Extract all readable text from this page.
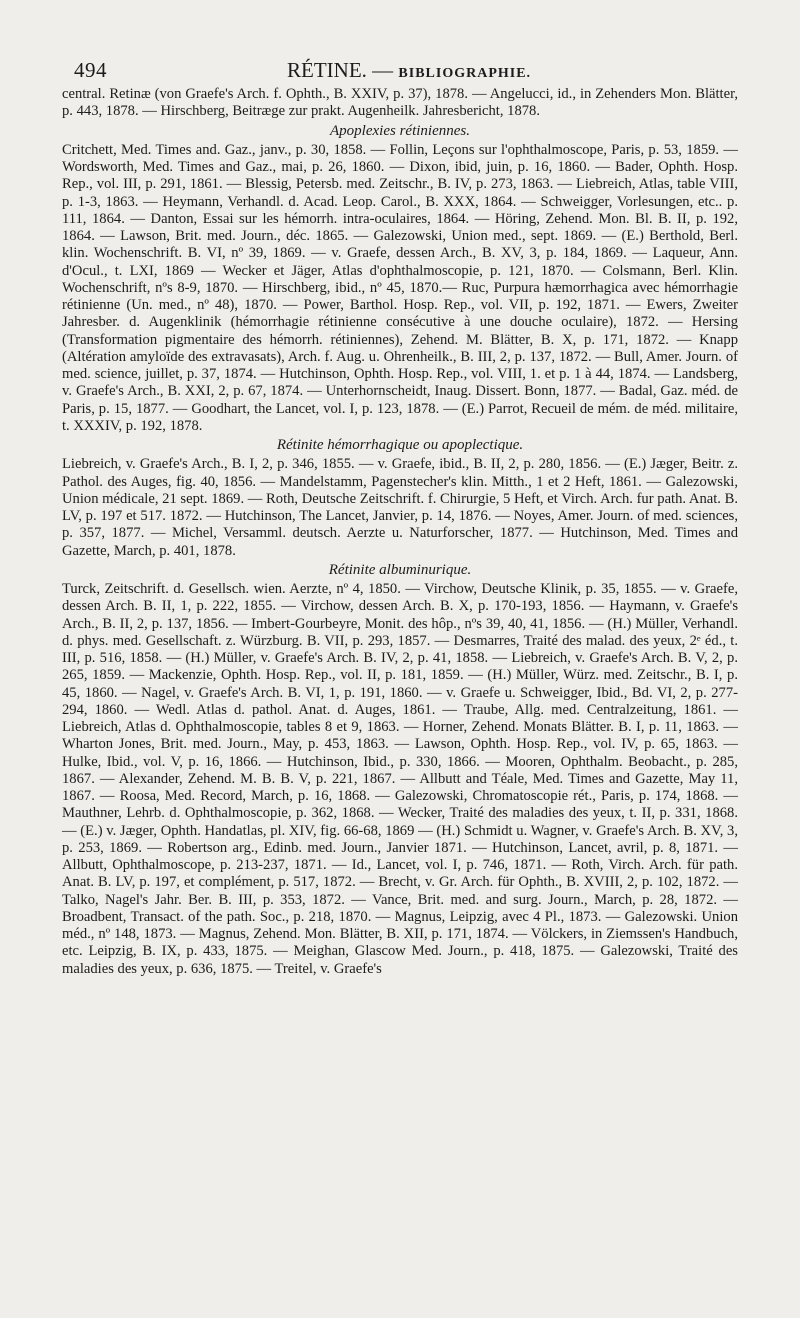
494	RÉTINE. — BIBLIOGRAPHIE.

central. Retinæ (von Graefe's Arch. f. Ophth., B. XXIV, p. 37), 1878. — Angelucci, id., in Zehenders Mon. Blätter, p. 443, 1878. — Hirschberg, Beitræge zur prakt. Augenheilk. Jahresbericht, 1878.

Apoplexies rétiniennes.

Critchett, Med. Times and. Gaz., janv., p. 30, 1858. — Follin, Leçons sur l'ophthalmoscope, Paris, p. 53, 1859. — Wordsworth, Med. Times and Gaz., mai, p. 26, 1860. — Dixon, ibid, juin, p. 16, 1860. — Bader, Ophth. Hosp. Rep., vol. III, p. 291, 1861. — Blessig, Petersb. med. Zeitschr., B. IV, p. 273, 1863. — Liebreich, Atlas, table VIII, p. 1-3, 1863. — Heymann, Verhandl. d. Acad. Leop. Carol., B. XXX, 1864. — Schweigger, Vorlesungen, etc.. p. 111, 1864. — Danton, Essai sur les hémorrh. intra-oculaires, 1864. — Höring, Zehend. Mon. Bl. B. II, p. 192, 1864. — Lawson, Brit. med. Journ., déc. 1865. — Galezowski, Union med., sept. 1869. — (E.) Berthold, Berl. klin. Wochenschrift. B. VI, nº 39, 1869. — v. Graefe, dessen Arch., B. XV, 3, p. 184, 1869. — Laqueur, Ann. d'Ocul., t. LXI, 1869 — Wecker et Jäger, Atlas d'ophthalmoscopie, p. 121, 1870. — Colsmann, Berl. Klin. Wochenschrift, nºs 8-9, 1870. — Hirschberg, ibid., nº 45, 1870.— Ruc, Purpura hæmorrhagica avec hémorrhagie rétinienne (Un. med., nº 48), 1870. — Power, Barthol. Hosp. Rep., vol. VII, p. 192, 1871. — Ewers, Zweiter Jahresber. d. Augenklinik (hémorrhagie rétinienne consécutive à une douche oculaire), 1872. — Hersing (Transformation pigmentaire des hémorrh. rétiniennes), Zehend. M. Blätter, B. X, p. 171, 1872. — Knapp (Altération amyloïde des extravasats), Arch. f. Aug. u. Ohrenheilk., B. III, 2, p. 137, 1872. — Bull, Amer. Journ. of med. science, juillet, p. 37, 1874. — Hutchinson, Ophth. Hosp. Rep., vol. VIII, 1. et p. 1 à 44, 1874. — Landsberg, v. Graefe's Arch., B. XXI, 2, p. 67, 1874. — Unterhornscheidt, Inaug. Dissert. Bonn, 1877. — Badal, Gaz. méd. de Paris, p. 15, 1877. — Goodhart, the Lancet, vol. I, p. 123, 1878. — (E.) Parrot, Recueil de mém. de méd. militaire, t. XXXIV, p. 192, 1878.

Rétinite hémorrhagique ou apoplectique.

Liebreich, v. Graefe's Arch., B. I, 2, p. 346, 1855. — v. Graefe, ibid., B. II, 2, p. 280, 1856. — (E.) Jæger, Beitr. z. Pathol. des Auges, fig. 40, 1856. — Mandelstamm, Pagenstecher's klin. Mitth., 1 et 2 Heft, 1861. — Galezowski, Union médicale, 21 sept. 1869. — Roth, Deutsche Zeitschrift. f. Chirurgie, 5 Heft, et Virch. Arch. fur path. Anat. B. LV, p. 197 et 517. 1872. — Hutchinson, The Lancet, Janvier, p. 14, 1876. — Noyes, Amer. Journ. of med. sciences, p. 357, 1877. — Michel, Versamml. deutsch. Aerzte u. Naturforscher, 1877. — Hutchinson, Med. Times and Gazette, March, p. 401, 1878.

Rétinite albuminurique.

Turck, Zeitschrift. d. Gesellsch. wien. Aerzte, nº 4, 1850. — Virchow, Deutsche Klinik, p. 35, 1855. — v. Graefe, dessen Arch. B. II, 1, p. 222, 1855. — Virchow, dessen Arch. B. X, p. 170-193, 1856. — Haymann, v. Graefe's Arch., B. II, 2, p. 137, 1856. — Imbert-Gourbeyre, Monit. des hôp., nºs 39, 40, 41, 1856. — (H.) Müller, Verhandl. d. phys. med. Gesellschaft. z. Würzburg. B. VII, p. 293, 1857. — Desmarres, Traité des malad. des yeux, 2ᵉ éd., t. III, p. 516, 1858. — (H.) Müller, v. Graefe's Arch. B. IV, 2, p. 41, 1858. — Liebreich, v. Graefe's Arch. B. V, 2, p. 265, 1859. — Mackenzie, Ophth. Hosp. Rep., vol. II, p. 181, 1859. — (H.) Müller, Würz. med. Zeitschr., B. I, p. 45, 1860. — Nagel, v. Graefe's Arch. B. VI, 1, p. 191, 1860. — v. Graefe u. Schweigger, Ibid., Bd. VI, 2, p. 277-294, 1860. — Wedl. Atlas d. pathol. Anat. d. Auges, 1861. — Traube, Allg. med. Centralzeitung, 1861. — Liebreich, Atlas d. Ophthalmoscopie, tables 8 et 9, 1863. — Horner, Zehend. Monats Blätter. B. I, p. 11, 1863. — Wharton Jones, Brit. med. Journ., May, p. 453, 1863. — Lawson, Ophth. Hosp. Rep., vol. IV, p. 65, 1863. — Hulke, Ibid., vol. V, p. 16, 1866. — Hutchinson, Ibid., p. 330, 1866. — Mooren, Ophthalm. Beobacht., p. 285, 1867. — Alexander, Zehend. M. B. B. V, p. 221, 1867. — Allbutt and Téale, Med. Times and Gazette, May 11, 1867. — Roosa, Med. Record, March, p. 16, 1868. — Galezowski, Chromatoscopie rét., Paris, p. 174, 1868. — Mauthner, Lehrb. d. Ophthalmoscopie, p. 362, 1868. — Wecker, Traité des maladies des yeux, t. II, p. 331, 1868. — (E.) v. Jæger, Ophth. Handatlas, pl. XIV, fig. 66-68, 1869 — (H.) Schmidt u. Wagner, v. Graefe's Arch. B. XV, 3, p. 253, 1869. — Robertson arg., Edinb. med. Journ., Janvier 1871. — Hutchinson, Lancet, avril, p. 8, 1871. — Allbutt, Ophthalmoscope, p. 213-237, 1871. — Id., Lancet, vol. I, p. 746, 1871. — Roth, Virch. Arch. für path. Anat. B. LV, p. 197, et complément, p. 517, 1872. — Brecht, v. Gr. Arch. für Ophth., B. XVIII, 2, p. 102, 1872. — Talko, Nagel's Jahr. Ber. B. III, p. 353, 1872. — Vance, Brit. med. and surg. Journ., March, p. 28, 1872. — Broadbent, Transact. of the path. Soc., p. 218, 1870. — Magnus, Leipzig, avec 4 Pl., 1873. — Galezowski. Union méd., nº 148, 1873. — Magnus, Zehend. Mon. Blätter, B. XII, p. 171, 1874. — Völckers, in Ziemssen's Handbuch, etc. Leipzig, B. IX, p. 433, 1875. — Meighan, Glascow Med. Journ., p. 418, 1875. — Galezowski, Traité des maladies des yeux, p. 636, 1875. — Treitel, v. Graefe's
